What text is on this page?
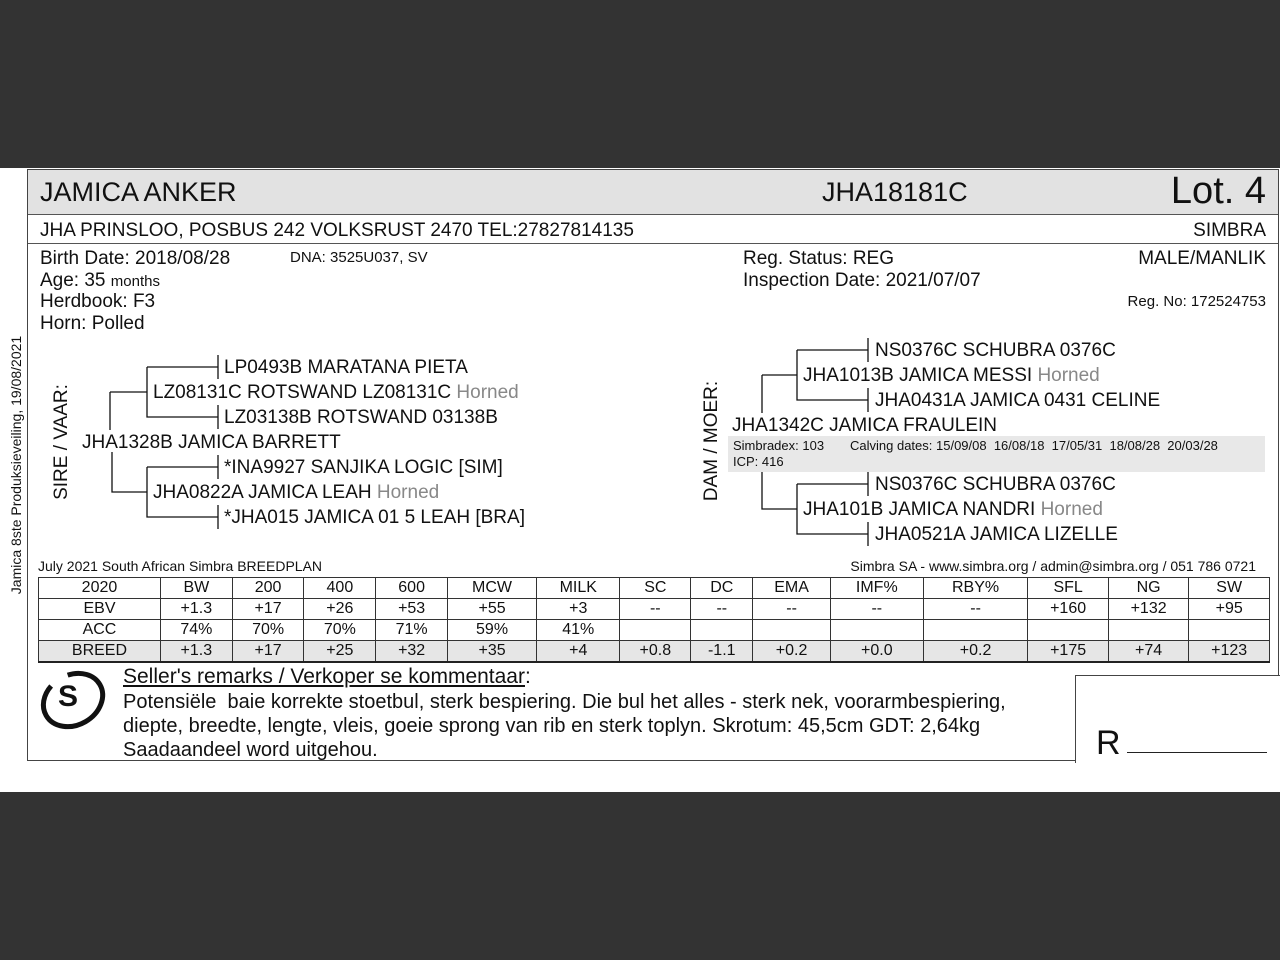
Jamica 8ste Produksieveiling, 19/08/2021
JAMICA ANKER	JHA18181C	Lot. 4
JHA PRINSLOO, POSBUS 242 VOLKSRUST 2470 TEL:27827814135	SIMBRA
Birth Date: 2018/08/28	DNA: 3525U037, SV
Age: 35 months
Herdbook: F3
Horn: Polled
Reg. Status: REG
Inspection Date: 2021/07/07
MALE/MANLIK
Reg. No: 172524753
SIRE / VAAR:
LP0493B MARATANA PIETA
LZ08131C ROTSWAND LZ08131C Horned
LZ03138B ROTSWAND 03138B
JHA1328B JAMICA BARRETT
*INA9927 SANJIKA LOGIC [SIM]
JHA0822A JAMICA LEAH Horned
*JHA015 JAMICA 01 5 LEAH [BRA]
DAM / MOER:
NS0376C SCHUBRA 0376C
JHA1013B JAMICA MESSI Horned
JHA0431A JAMICA 0431 CELINE
JHA1342C JAMICA FRAULEIN
Simbradex: 103 Calving dates: 15/09/08  16/08/18  17/05/31  18/08/28  20/03/28
ICP: 416
NS0376C SCHUBRA 0376C
JHA101B JAMICA NANDRI Horned
JHA0521A JAMICA LIZELLE
July 2021 South African Simbra BREEDPLAN	Simbra SA - www.simbra.org / admin@simbra.org / 051 786 0721
2020	BW	200	400	600	MCW	MILK	SC	DC	EMA	IMF%	RBY%	SFL	NG	SW
EBV	+1.3	+17	+26	+53	+55	+3	--	--	--	--	--	+160	+132	+95
ACC	74%	70%	70%	71%	59%	41%								
BREED	+1.3	+17	+25	+32	+35	+4	+0.8	-1.1	+0.2	+0.0	+0.2	+175	+74	+123
S
Seller's remarks / Verkoper se kommentaar:
Potensiële  baie korrekte stoetbul, sterk bespiering. Die bul het alles - sterk nek, voorarmbespiering,
diepte, breedte, lengte, vleis, goeie sprong van rib en sterk toplyn. Skrotum: 45,5cm GDT: 2,64kg
Saadaandeel word uitgehou.	R
